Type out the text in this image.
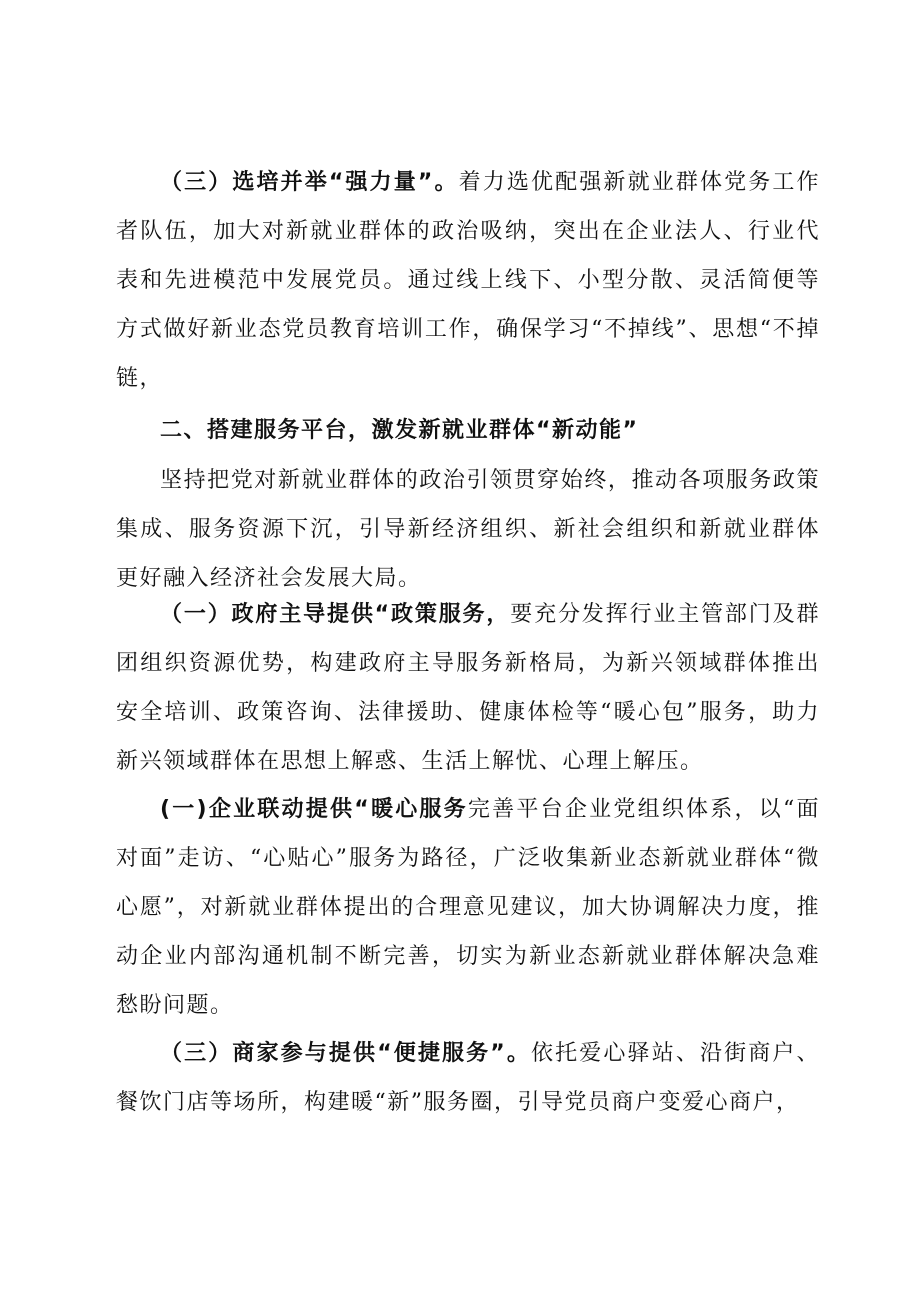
（三）选培并举“强力量”。着力选优配强新就业群体党务工作者队伍，加大对新就业群体的政治吸纳，突出在企业法人、行业代表和先进模范中发展党员。通过线上线下、小型分散、灵活简便等方式做好新业态党员教育培训工作，确保学习“不掉线”、思想“不掉链，

二、搭建服务平台，激发新就业群体“新动能”

坚持把党对新就业群体的政治引领贯穿始终，推动各项服务政策集成、服务资源下沉，引导新经济组织、新社会组织和新就业群体更好融入经济社会发展大局。

（一）政府主导提供“政策服务，要充分发挥行业主管部门及群团组织资源优势，构建政府主导服务新格局，为新兴领域群体推出安全培训、政策咨询、法律援助、健康体检等“暖心包”服务，助力新兴领域群体在思想上解惑、生活上解忧、心理上解压。

(一)企业联动提供“暖心服务完善平台企业党组织体系，以“面对面”走访、“心贴心”服务为路径，广泛收集新业态新就业群体“微心愿”，对新就业群体提出的合理意见建议，加大协调解决力度，推动企业内部沟通机制不断完善，切实为新业态新就业群体解决急难愁盼问题。

（三）商家参与提供“便捷服务”。依托爱心驿站、沿街商户、餐饮门店等场所，构建暖“新”服务圈，引导党员商户变爱心商户，
